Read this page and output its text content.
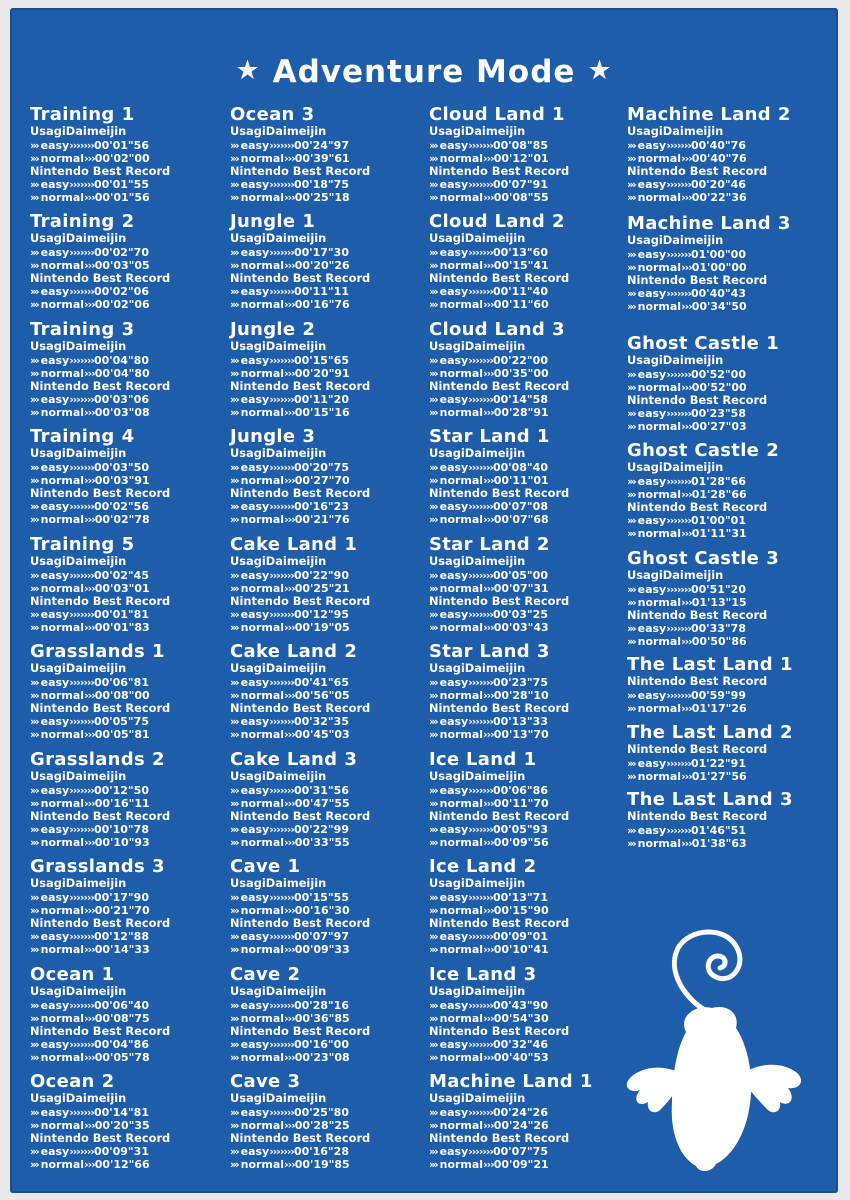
★ Adventure Mode ★
Training 1
UsagiDaimeijin
››› easy›››››››00'01"56
››› normal›››00'02"00
Nintendo Best Record
››› easy›››››››00'01"55
››› normal›››00'01"56
Training 2
UsagiDaimeijin
››› easy›››››››00'02"70
››› normal›››00'03"05
Nintendo Best Record
››› easy›››››››00'02"06
››› normal›››00'02"06
Training 3
UsagiDaimeijin
››› easy›››››››00'04"80
››› normal›››00'04"80
Nintendo Best Record
››› easy›››››››00'03"06
››› normal›››00'03"08
Training 4
UsagiDaimeijin
››› easy›››››››00'03"50
››› normal›››00'03"91
Nintendo Best Record
››› easy›››››››00'02"56
››› normal›››00'02"78
Training 5
UsagiDaimeijin
››› easy›››››››00'02"45
››› normal›››00'03"01
Nintendo Best Record
››› easy›››››››00'01"81
››› normal›››00'01"83
Grasslands 1
UsagiDaimeijin
››› easy›››››››00'06"81
››› normal›››00'08"00
Nintendo Best Record
››› easy›››››››00'05"75
››› normal›››00'05"81
Grasslands 2
UsagiDaimeijin
››› easy›››››››00'12"50
››› normal›››00'16"11
Nintendo Best Record
››› easy›››››››00'10"78
››› normal›››00'10"93
Grasslands 3
UsagiDaimeijin
››› easy›››››››00'17"90
››› normal›››00'21"70
Nintendo Best Record
››› easy›››››››00'12"88
››› normal›››00'14"33
Ocean 1
UsagiDaimeijin
››› easy›››››››00'06"40
››› normal›››00'08"75
Nintendo Best Record
››› easy›››››››00'04"86
››› normal›››00'05"78
Ocean 2
UsagiDaimeijin
››› easy›››››››00'14"81
››› normal›››00'20"35
Nintendo Best Record
››› easy›››››››00'09"31
››› normal›››00'12"66
Ocean 3
UsagiDaimeijin
››› easy›››››››00'24"97
››› normal›››00'39"61
Nintendo Best Record
››› easy›››››››00'18"75
››› normal›››00'25"18
Jungle 1
UsagiDaimeijin
››› easy›››››››00'17"30
››› normal›››00'20"26
Nintendo Best Record
››› easy›››››››00'11"11
››› normal›››00'16"76
Jungle 2
UsagiDaimeijin
››› easy›››››››00'15"65
››› normal›››00'20"91
Nintendo Best Record
››› easy›››››››00'11"20
››› normal›››00'15"16
Jungle 3
UsagiDaimeijin
››› easy›››››››00'20"75
››› normal›››00'27"70
Nintendo Best Record
››› easy›››››››00'16"23
››› normal›››00'21"76
Cake Land 1
UsagiDaimeijin
››› easy›››››››00'22"90
››› normal›››00'25"21
Nintendo Best Record
››› easy›››››››00'12"95
››› normal›››00'19"05
Cake Land 2
UsagiDaimeijin
››› easy›››››››00'41"65
››› normal›››00'56"05
Nintendo Best Record
››› easy›››››››00'32"35
››› normal›››00'45"03
Cake Land 3
UsagiDaimeijin
››› easy›››››››00'31"56
››› normal›››00'47"55
Nintendo Best Record
››› easy›››››››00'22"99
››› normal›››00'33"55
Cave 1
UsagiDaimeijin
››› easy›››››››00'15"55
››› normal›››00'16"30
Nintendo Best Record
››› easy›››››››00'07"97
››› normal›››00'09"33
Cave 2
UsagiDaimeijin
››› easy›››››››00'28"16
››› normal›››00'36"85
Nintendo Best Record
››› easy›››››››00'16"00
››› normal›››00'23"08
Cave 3
UsagiDaimeijin
››› easy›››››››00'25"80
››› normal›››00'28"25
Nintendo Best Record
››› easy›››››››00'16"28
››› normal›››00'19"85
Cloud Land 1
UsagiDaimeijin
››› easy›››››››00'08"85
››› normal›››00'12"01
Nintendo Best Record
››› easy›››››››00'07"91
››› normal›››00'08"55
Cloud Land 2
UsagiDaimeijin
››› easy›››››››00'13"60
››› normal›››00'15"41
Nintendo Best Record
››› easy›››››››00'11"40
››› normal›››00'11"60
Cloud Land 3
UsagiDaimeijin
››› easy›››››››00'22"00
››› normal›››00'35"00
Nintendo Best Record
››› easy›››››››00'14"58
››› normal›››00'28"91
Star Land 1
UsagiDaimeijin
››› easy›››››››00'08"40
››› normal›››00'11"01
Nintendo Best Record
››› easy›››››››00'07"08
››› normal›››00'07"68
Star Land 2
UsagiDaimeijin
››› easy›››››››00'05"00
››› normal›››00'07"31
Nintendo Best Record
››› easy›››››››00'03"25
››› normal›››00'03"43
Star Land 3
UsagiDaimeijin
››› easy›››››››00'23"75
››› normal›››00'28"10
Nintendo Best Record
››› easy›››››››00'13"33
››› normal›››00'13"70
Ice Land 1
UsagiDaimeijin
››› easy›››››››00'06"86
››› normal›››00'11"70
Nintendo Best Record
››› easy›››››››00'05"93
››› normal›››00'09"56
Ice Land 2
UsagiDaimeijin
››› easy›››››››00'13"71
››› normal›››00'15"90
Nintendo Best Record
››› easy›››››››00'09"01
››› normal›››00'10"41
Ice Land 3
UsagiDaimeijin
››› easy›››››››00'43"90
››› normal›››00'54"30
Nintendo Best Record
››› easy›››››››00'32"46
››› normal›››00'40"53
Machine Land 1
UsagiDaimeijin
››› easy›››››››00'24"26
››› normal›››00'24"26
Nintendo Best Record
››› easy›››››››00'07"75
››› normal›››00'09"21
Machine Land 2
UsagiDaimeijin
››› easy›››››››00'40"76
››› normal›››00'40"76
Nintendo Best Record
››› easy›››››››00'20"46
››› normal›››00'22"36
Machine Land 3
UsagiDaimeijin
››› easy›››››››01'00"00
››› normal›››01'00"00
Nintendo Best Record
››› easy›››››››00'40"43
››› normal›››00'34"50
Ghost Castle 1
UsagiDaimeijin
››› easy›››››››00'52"00
››› normal›››00'52"00
Nintendo Best Record
››› easy›››››››00'23"58
››› normal›››00'27"03
Ghost Castle 2
UsagiDaimeijin
››› easy›››››››01'28"66
››› normal›››01'28"66
Nintendo Best Record
››› easy›››››››01'00"01
››› normal›››01'11"31
Ghost Castle 3
UsagiDaimeijin
››› easy›››››››00'51"20
››› normal›››01'13"15
Nintendo Best Record
››› easy›››››››00'33"78
››› normal›››00'50"86
The Last Land 1
Nintendo Best Record
››› easy›››››››00'59"99
››› normal›››01'17"26
The Last Land 2
Nintendo Best Record
››› easy›››››››01'22"91
››› normal›››01'27"56
The Last Land 3
Nintendo Best Record
››› easy›››››››01'46"51
››› normal›››01'38"63
